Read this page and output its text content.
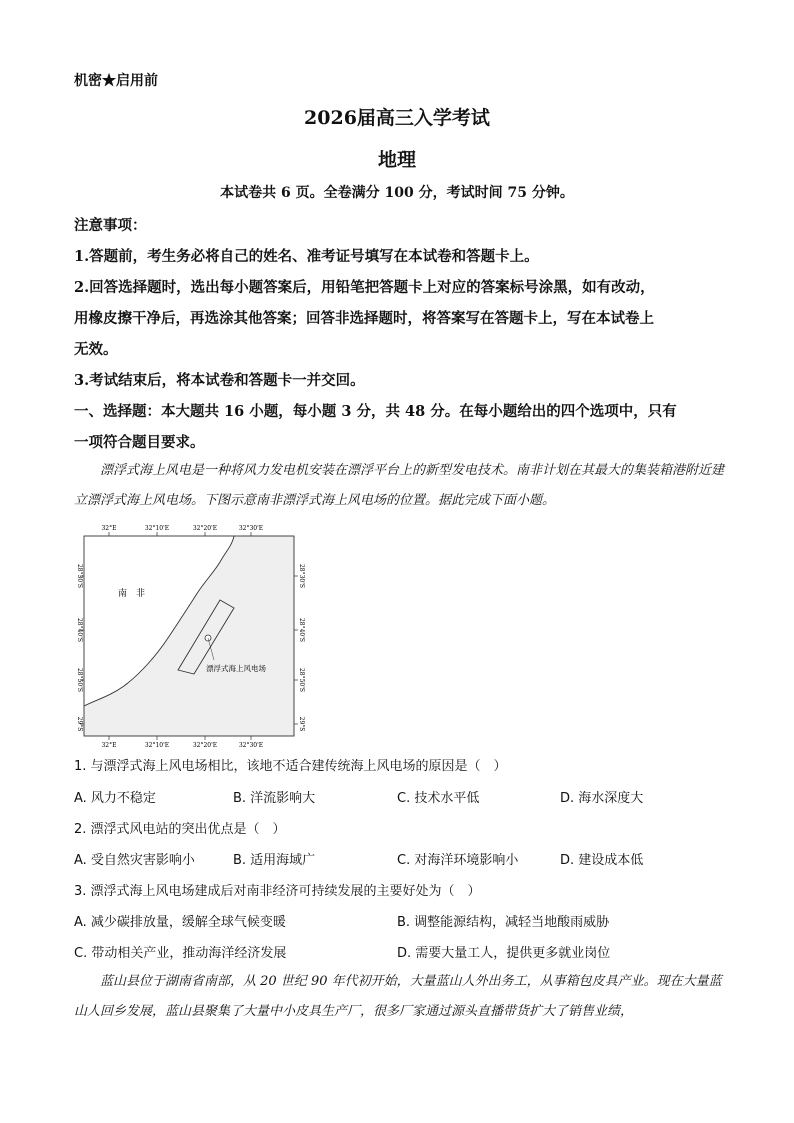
机密★启用前
2026届高三入学考试
地理
本试卷共 6 页。全卷满分 100 分，考试时间 75 分钟。
注意事项：
1.答题前，考生务必将自己的姓名、准考证号填写在本试卷和答题卡上。
2.回答选择题时，选出每小题答案后，用铅笔把答题卡上对应的答案标号涂黑，如有改动，
用橡皮擦干净后，再选涂其他答案；回答非选择题时，将答案写在答题卡上，写在本试卷上
无效。
3.考试结束后，将本试卷和答题卡一并交回。
一、选择题：本大题共 16 小题，每小题 3 分，共 48 分。在每小题给出的四个选项中，只有
一项符合题目要求。
漂浮式海上风电是一种将风力发电机安装在漂浮平台上的新型发电技术。南非计划在其最大的集装箱港附近建立漂浮式海上风电场。下图示意南非漂浮式海上风电场的位置。据此完成下面小题。
32°E	32°10'E	32°20'E	32°30'E
32°E	32°10'E	32°20'E	32°30'E
28°30'S
28°40'S
28°50'S
29°S
28°30'S
28°40'S
28°50'S
29°S
南　非
漂浮式海上风电场
1. 与漂浮式海上风电场相比，该地不适合建传统海上风电场的原因是（　）
A. 风力不稳定	B. 洋流影响大	C. 技术水平低	D. 海水深度大
2. 漂浮式风电站的突出优点是（　）
A. 受自然灾害影响小	B. 适用海域广	C. 对海洋环境影响小	D. 建设成本低
3. 漂浮式海上风电场建成后对南非经济可持续发展的主要好处为（　）
A. 减少碳排放量，缓解全球气候变暖	B. 调整能源结构，减轻当地酸雨威胁
C. 带动相关产业，推动海洋经济发展	D. 需要大量工人，提供更多就业岗位
蓝山县位于湖南省南部，从 20 世纪 90 年代初开始，大量蓝山人外出务工，从事箱包皮具产业。现在大量蓝山人回乡发展，蓝山县聚集了大量中小皮具生产厂，很多厂家通过源头直播带货扩大了销售业绩，
